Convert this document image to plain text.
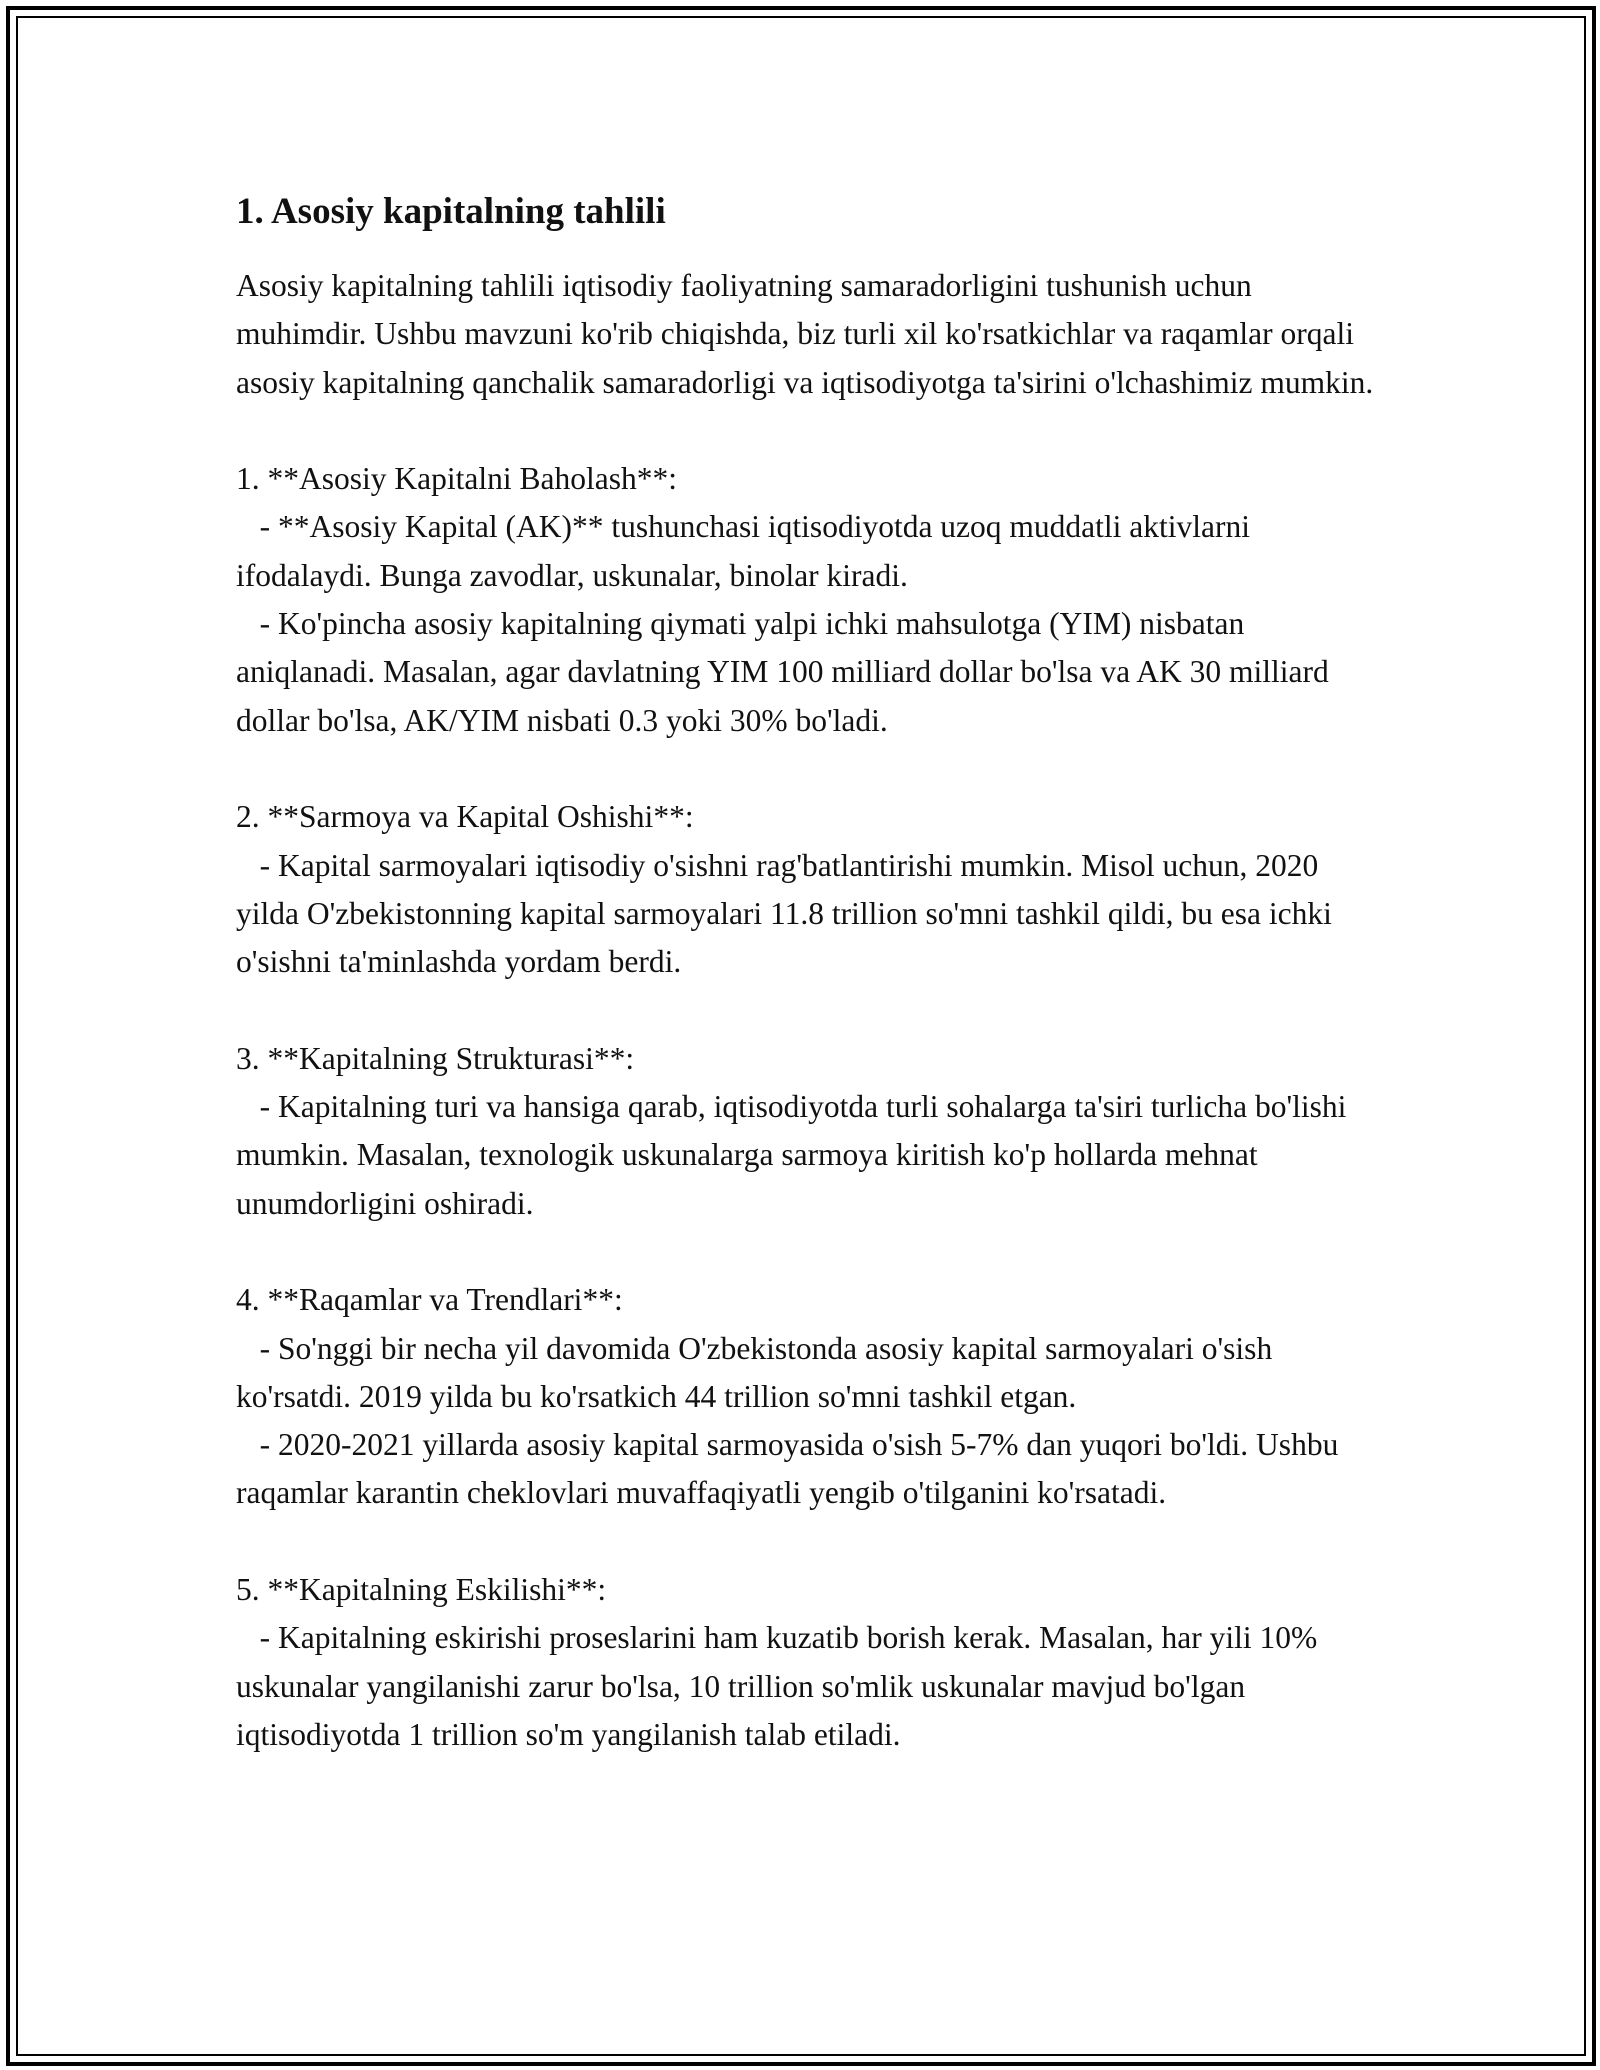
1. Asosiy kapitalning tahlili

Asosiy kapitalning tahlili iqtisodiy faoliyatning samaradorligini tushunish uchun muhimdir. Ushbu mavzuni ko'rib chiqishda, biz turli xil ko'rsatkichlar va raqamlar orqali asosiy kapitalning qanchalik samaradorligi va iqtisodiyotga ta'sirini o'lchashimiz mumkin.

1. **Asosiy Kapitalni Baholash**:

- **Asosiy Kapital (AK)** tushunchasi iqtisodiyotda uzoq muddatli aktivlarni ifodalaydi. Bunga zavodlar, uskunalar, binolar kiradi.

- Ko'pincha asosiy kapitalning qiymati yalpi ichki mahsulotga (YIM) nisbatan aniqlanadi. Masalan, agar davlatning YIM 100 milliard dollar bo'lsa va AK 30 milliard dollar bo'lsa, AK/YIM nisbati 0.3 yoki 30% bo'ladi.

2. **Sarmoya va Kapital Oshishi**:

- Kapital sarmoyalari iqtisodiy o'sishni rag'batlantirishi mumkin. Misol uchun, 2020 yilda O'zbekistonning kapital sarmoyalari 11.8 trillion so'mni tashkil qildi, bu esa ichki o'sishni ta'minlashda yordam berdi.

3. **Kapitalning Strukturasi**:

- Kapitalning turi va hansiga qarab, iqtisodiyotda turli sohalarga ta'siri turlicha bo'lishi mumkin. Masalan, texnologik uskunalarga sarmoya kiritish ko'p hollarda mehnat unumdorligini oshiradi.

4. **Raqamlar va Trendlari**:

- So'nggi bir necha yil davomida O'zbekistonda asosiy kapital sarmoyalari o'sish ko'rsatdi. 2019 yilda bu ko'rsatkich 44 trillion so'mni tashkil etgan.

- 2020-2021 yillarda asosiy kapital sarmoyasida o'sish 5-7% dan yuqori bo'ldi. Ushbu raqamlar karantin cheklovlari muvaffaqiyatli yengib o'tilganini ko'rsatadi.

5. **Kapitalning Eskilishi**:

- Kapitalning eskirishi proseslarini ham kuzatib borish kerak. Masalan, har yili 10% uskunalar yangilanishi zarur bo'lsa, 10 trillion so'mlik uskunalar mavjud bo'lgan iqtisodiyotda 1 trillion so'm yangilanish talab etiladi.
